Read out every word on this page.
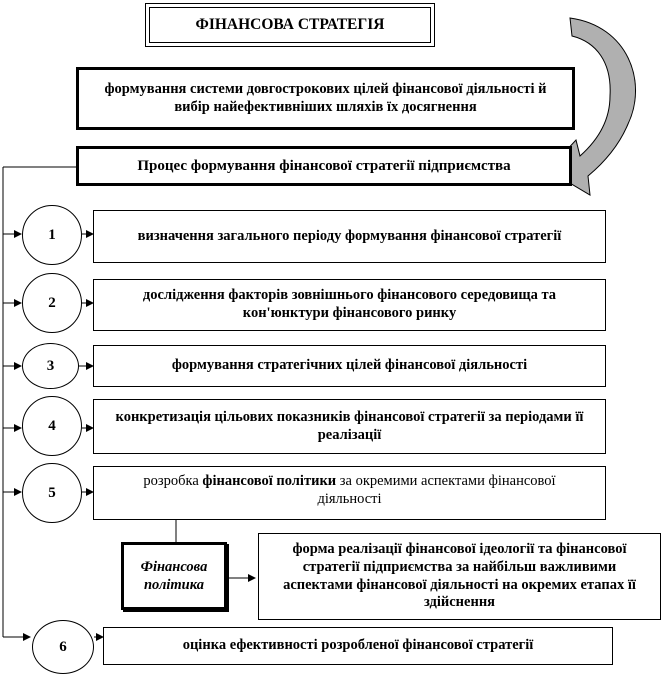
ФІНАНСОВА СТРАТЕГІЯ
формування системи довгострокових цілей фінансової діяльності й вибір найефективніших шляхів їх досягнення
Процес формування фінансової стратегії підприємства
1	визначення загального періоду формування фінансової стратегії
2	дослідження факторів зовнішнього фінансового середовища та кон'юнктури фінансового ринку
3	формування стратегічних цілей фінансової діяльності
4
конкретизація цільових показників фінансової стратегії за періодами її реалізації
5
розробка фінансової політики за окремими аспектами фінансової діяльності
Фінансова політика
форма реалізації фінансової ідеології та фінансової стратегії підприємства за найбільш важливими аспектами фінансової діяльності на окремих етапах її здійснення
6	оцінка ефективності розробленої фінансової стратегії
